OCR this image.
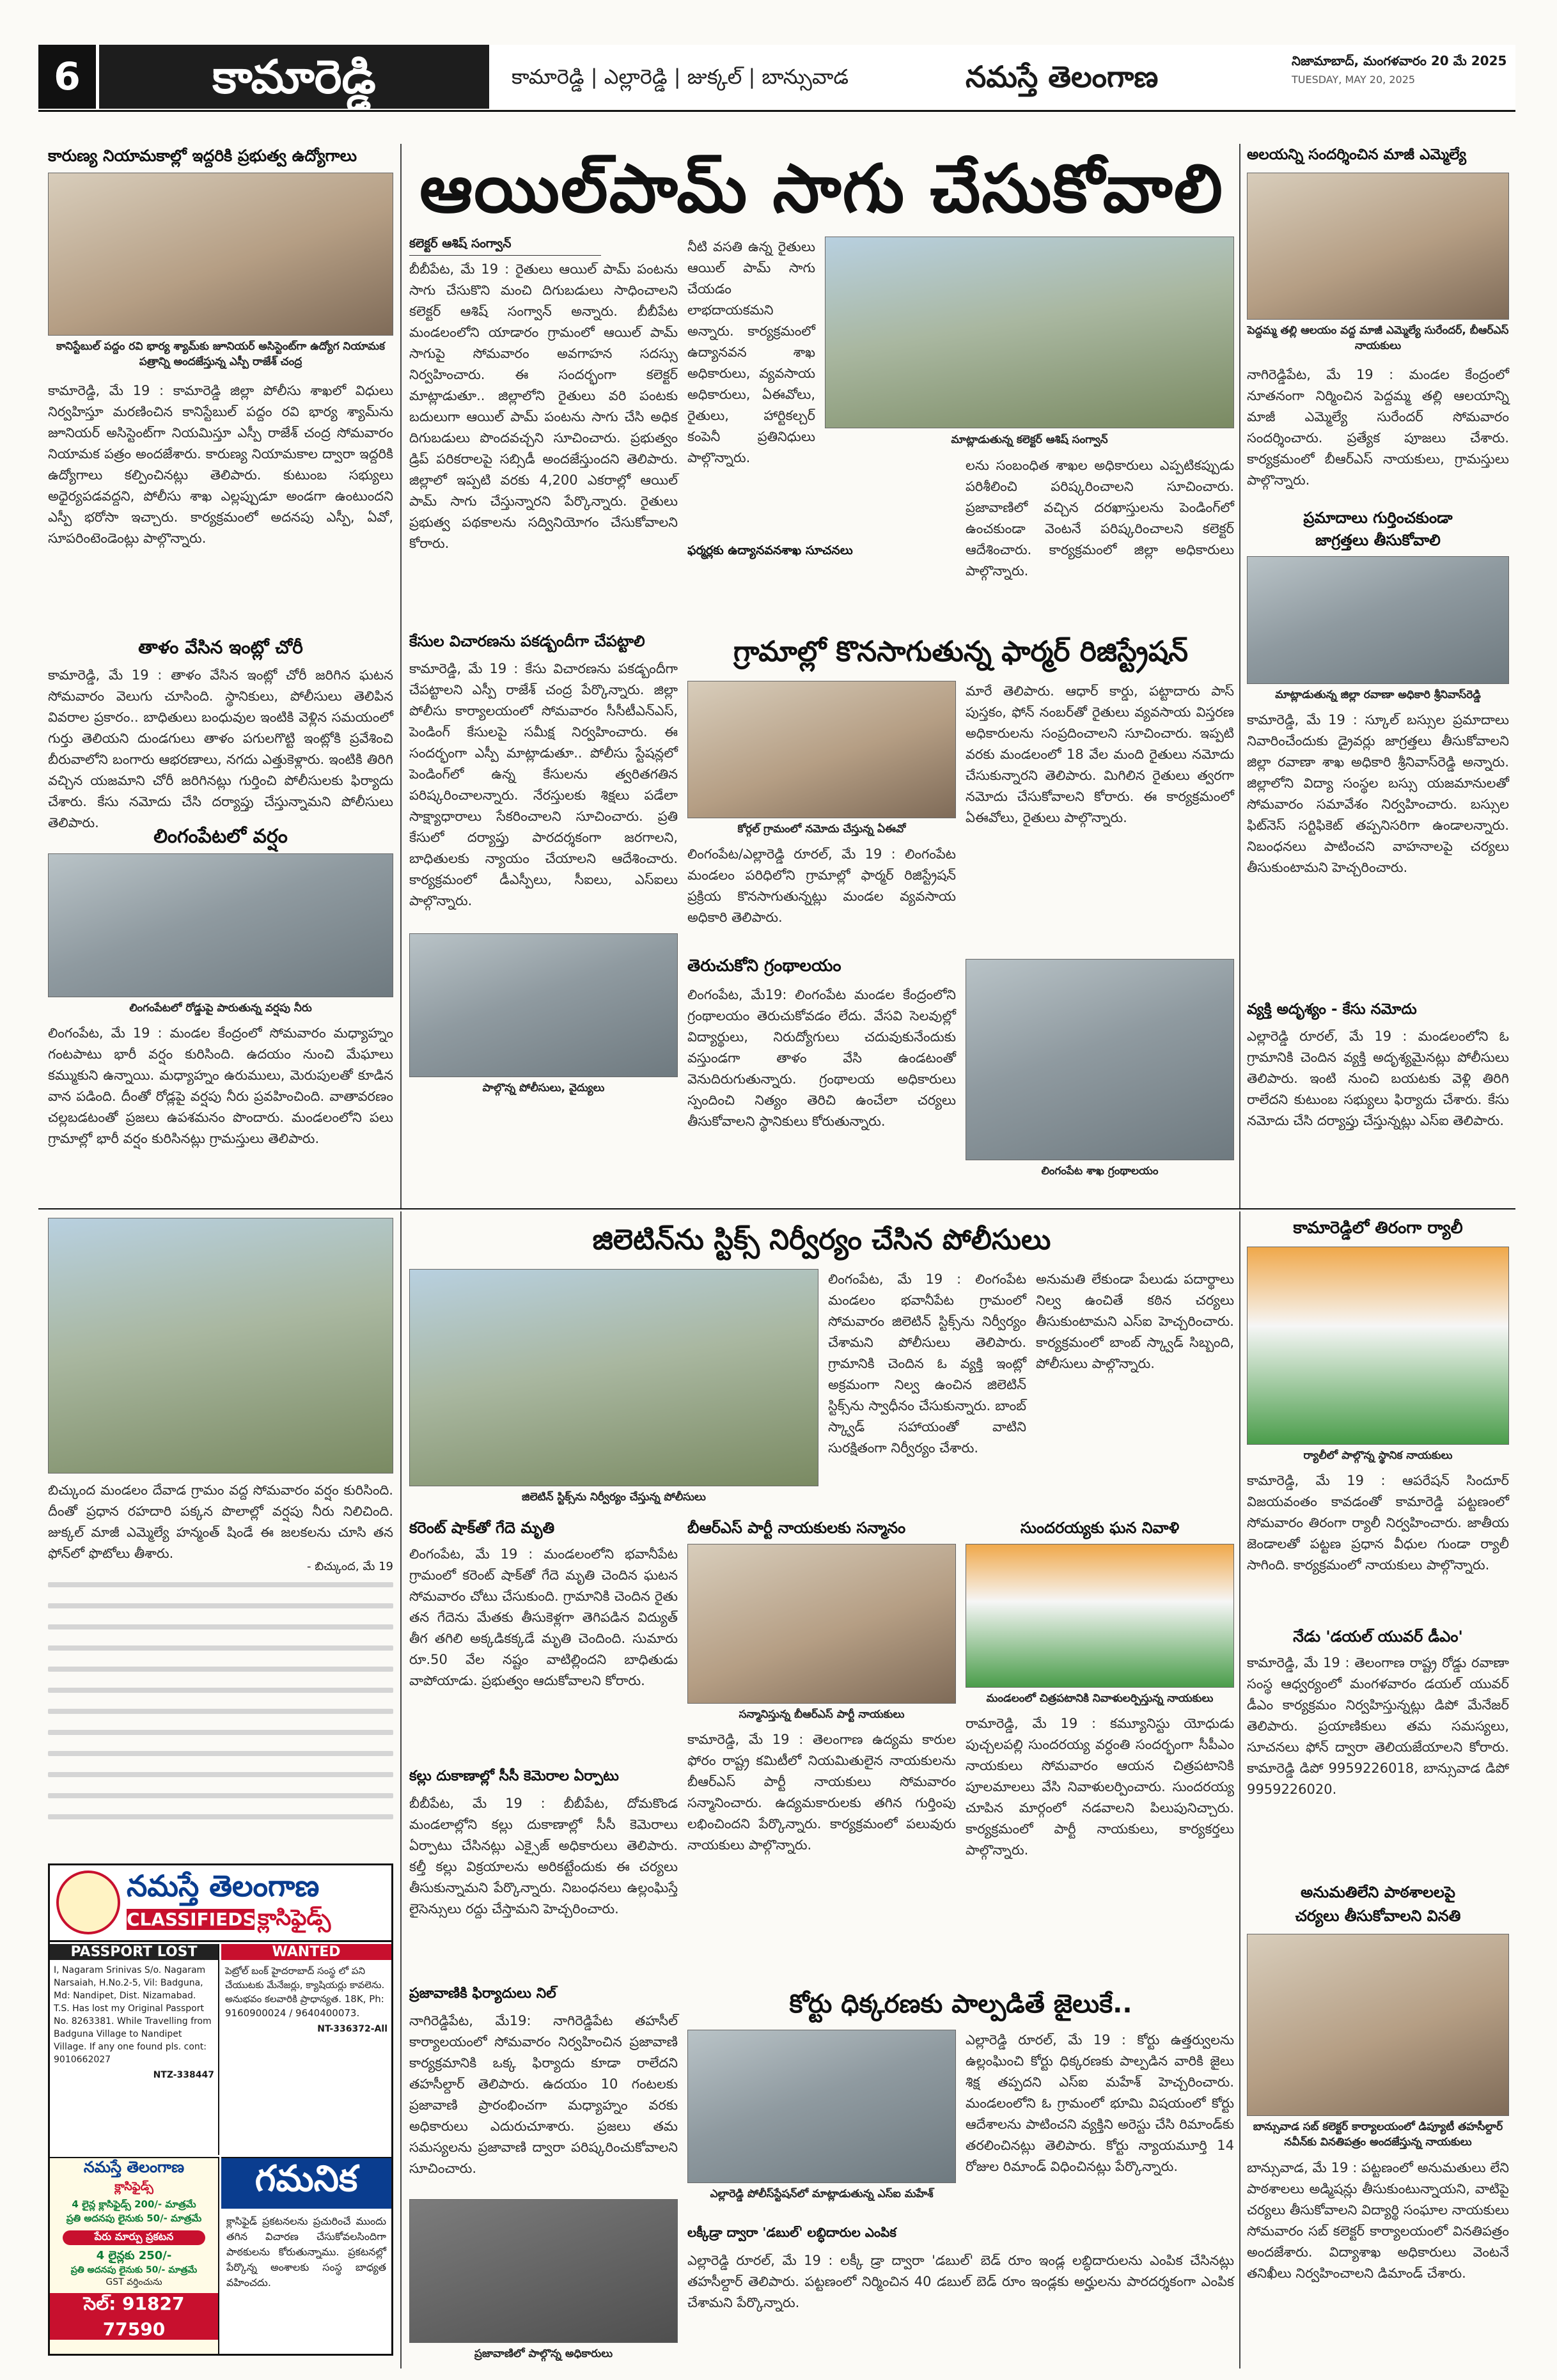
6	కామారెడ్డి	కామారెడ్డి | ఎల్లారెడ్డి | జుక్కల్ | బాన్సువాడ	నమస్తే తెలంగాణ	నిజామాబాద్, మంగళవారం 20 మే 2025
TUESDAY, MAY 20, 2025
కారుణ్య నియామకాల్లో ఇద్దరికి ప్రభుత్వ ఉద్యోగాలు
కానిస్టేబుల్ పద్దం రవి భార్య శ్యామ్‌కు జూనియర్ అసిస్టెంట్‌గా ఉద్యోగ నియామక పత్రాన్ని అందజేస్తున్న ఎస్పీ రాజేశ్ చంద్ర
కామారెడ్డి, మే 19 : కామారెడ్డి జిల్లా పోలీసు శాఖలో విధులు నిర్వహిస్తూ మరణించిన కానిస్టేబుల్ పద్దం రవి భార్య శ్యామ్‌ను జూనియర్ అసిస్టెంట్‌గా నియమిస్తూ ఎస్పీ రాజేశ్ చంద్ర సోమవారం నియామక పత్రం అందజేశారు. కారుణ్య నియామకాల ద్వారా ఇద్దరికి ఉద్యోగాలు కల్పించినట్లు తెలిపారు. కుటుంబ సభ్యులు అధైర్యపడవద్దని, పోలీసు శాఖ ఎల్లప్పుడూ అండగా ఉంటుందని ఎస్పీ భరోసా ఇచ్చారు. కార్యక్రమంలో అదనపు ఎస్పీ, ఏవో, సూపరింటెండెంట్లు పాల్గొన్నారు.
తాళం వేసిన ఇంట్లో చోరీ
కామారెడ్డి, మే 19 : తాళం వేసిన ఇంట్లో చోరీ జరిగిన ఘటన సోమవారం వెలుగు చూసింది. స్థానికులు, పోలీసులు తెలిపిన వివరాల ప్రకారం.. బాధితులు బంధువుల ఇంటికి వెళ్లిన సమయంలో గుర్తు తెలియని దుండగులు తాళం పగులగొట్టి ఇంట్లోకి ప్రవేశించి బీరువాలోని బంగారు ఆభరణాలు, నగదు ఎత్తుకెళ్లారు. ఇంటికి తిరిగి వచ్చిన యజమాని చోరీ జరిగినట్లు గుర్తించి పోలీసులకు ఫిర్యాదు చేశారు. కేసు నమోదు చేసి దర్యాప్తు చేస్తున్నామని పోలీసులు తెలిపారు.
లింగంపేటలో వర్షం
లింగంపేటలో రోడ్డుపై పారుతున్న వర్షపు నీరు
లింగంపేట, మే 19 : మండల కేంద్రంలో సోమవారం మధ్యాహ్నం గంటపాటు భారీ వర్షం కురిసింది. ఉదయం నుంచి మేఘాలు కమ్ముకుని ఉన్నాయి. మధ్యాహ్నం ఉరుములు, మెరుపులతో కూడిన వాన పడింది. దీంతో రోడ్లపై వర్షపు నీరు ప్రవహించింది. వాతావరణం చల్లబడటంతో ప్రజలు ఉపశమనం పొందారు. మండలంలోని పలు గ్రామాల్లో భారీ వర్షం కురిసినట్లు గ్రామస్తులు తెలిపారు.
ఆయిల్‌పామ్ సాగు చేసుకోవాలి
కలెక్టర్ ఆశిష్ సంగ్వాన్
బీబీపేట, మే 19 : రైతులు ఆయిల్ పామ్ పంటను సాగు చేసుకొని మంచి దిగుబడులు సాధించాలని కలెక్టర్ ఆశిష్ సంగ్వాన్ అన్నారు. బీబీపేట మండలంలోని యాడారం గ్రామంలో ఆయిల్ పామ్ సాగుపై సోమవారం అవగాహన సదస్సు నిర్వహించారు. ఈ సందర్భంగా కలెక్టర్ మాట్లాడుతూ.. జిల్లాలోని రైతులు వరి పంటకు బదులుగా ఆయిల్ పామ్ పంటను సాగు చేసి అధిక దిగుబడులు పొందవచ్చని సూచించారు. ప్రభుత్వం డ్రిప్ పరికరాలపై సబ్సిడీ అందజేస్తుందని తెలిపారు. జిల్లాలో ఇప్పటి వరకు 4,200 ఎకరాల్లో ఆయిల్ పామ్ సాగు చేస్తున్నారని పేర్కొన్నారు. రైతులు ప్రభుత్వ పథకాలను సద్వినియోగం చేసుకోవాలని కోరారు.
నీటి వసతి ఉన్న రైతులు ఆయిల్ పామ్ సాగు చేయడం లాభదాయకమని అన్నారు. కార్యక్రమంలో ఉద్యానవన శాఖ అధికారులు, వ్యవసాయ అధికారులు, ఏఈవోలు, రైతులు, హార్టికల్చర్ కంపెనీ ప్రతినిధులు పాల్గొన్నారు.
మాట్లాడుతున్న కలెక్టర్ ఆశిష్ సంగ్వాన్
ఫర్మర్లకు ఉద్యానవనశాఖ సూచనలు
లను సంబంధిత శాఖల అధికారులు ఎప్పటికప్పుడు పరిశీలించి పరిష్కరించాలని సూచించారు. ప్రజావాణిలో వచ్చిన దరఖాస్తులను పెండింగ్‌లో ఉంచకుండా వెంటనే పరిష్కరించాలని కలెక్టర్ ఆదేశించారు. కార్యక్రమంలో జిల్లా అధికారులు పాల్గొన్నారు.
కేసుల విచారణను పకడ్బందీగా చేపట్టాలి
కామారెడ్డి, మే 19 : కేసు విచారణను పకడ్బందీగా చేపట్టాలని ఎస్పీ రాజేశ్ చంద్ర పేర్కొన్నారు. జిల్లా పోలీసు కార్యాలయంలో సోమవారం సీసీటీఎన్ఎస్, పెండింగ్ కేసులపై సమీక్ష నిర్వహించారు. ఈ సందర్భంగా ఎస్పీ మాట్లాడుతూ.. పోలీసు స్టేషన్లలో పెండింగ్‌లో ఉన్న కేసులను త్వరితగతిన పరిష్కరించాలన్నారు. నేరస్తులకు శిక్షలు పడేలా సాక్ష్యాధారాలు సేకరించాలని సూచించారు. ప్రతి కేసులో దర్యాప్తు పారదర్శకంగా జరగాలని, బాధితులకు న్యాయం చేయాలని ఆదేశించారు. కార్యక్రమంలో డీఎస్పీలు, సీఐలు, ఎస్ఐలు పాల్గొన్నారు.
పాల్గొన్న పోలీసులు, వైద్యులు
గ్రామాల్లో కొనసాగుతున్న ఫార్మర్ రిజిస్ట్రేషన్
కోర్గల్ గ్రామంలో నమోదు చేస్తున్న ఏఈవో
లింగంపేట/ఎల్లారెడ్డి రూరల్, మే 19 : లింగంపేట మండలం పరిధిలోని గ్రామాల్లో ఫార్మర్ రిజిస్ట్రేషన్ ప్రక్రియ కొనసాగుతున్నట్లు మండల వ్యవసాయ అధికారి తెలిపారు.
మారే తెలిపారు. ఆధార్ కార్డు, పట్టాదారు పాస్ పుస్తకం, ఫోన్ నంబర్‌తో రైతులు వ్యవసాయ విస్తరణ అధికారులను సంప్రదించాలని సూచించారు. ఇప్పటి వరకు మండలంలో 18 వేల మంది రైతులు నమోదు చేసుకున్నారని తెలిపారు. మిగిలిన రైతులు త్వరగా నమోదు చేసుకోవాలని కోరారు. ఈ కార్యక్రమంలో ఏఈవోలు, రైతులు పాల్గొన్నారు.
తెరుచుకోని గ్రంథాలయం
లింగంపేట, మే19: లింగంపేట మండల కేంద్రంలోని గ్రంథాలయం తెరుచుకోవడం లేదు. వేసవి సెలవుల్లో విద్యార్థులు, నిరుద్యోగులు చదువుకునేందుకు వస్తుండగా తాళం వేసి ఉండటంతో వెనుదిరుగుతున్నారు. గ్రంథాలయ అధికారులు స్పందించి నిత్యం తెరిచి ఉంచేలా చర్యలు తీసుకోవాలని స్థానికులు కోరుతున్నారు.
లింగంపేట శాఖ గ్రంథాలయం
అలయన్ని సందర్శించిన మాజీ ఎమ్మెల్యే
పెద్దమ్మ తల్లి ఆలయం వద్ద మాజీ ఎమ్మెల్యే సురేందర్, బీఆర్ఎస్ నాయకులు
నాగిరెడ్డిపేట, మే 19 : మండల కేంద్రంలో నూతనంగా నిర్మించిన పెద్దమ్మ తల్లి ఆలయాన్ని మాజీ ఎమ్మెల్యే సురేందర్ సోమవారం సందర్శించారు. ప్రత్యేక పూజలు చేశారు. కార్యక్రమంలో బీఆర్ఎస్ నాయకులు, గ్రామస్తులు పాల్గొన్నారు.
ప్రమాదాలు గుర్తించకుండా
జాగ్రత్తలు తీసుకోవాలి
మాట్లాడుతున్న జిల్లా రవాణా అధికారి శ్రీనివాస్‌రెడ్డి
కామారెడ్డి, మే 19 : స్కూల్ బస్సుల ప్రమాదాలు నివారించేందుకు డ్రైవర్లు జాగ్రత్తలు తీసుకోవాలని జిల్లా రవాణా శాఖ అధికారి శ్రీనివాస్‌రెడ్డి అన్నారు. జిల్లాలోని విద్యా సంస్థల బస్సు యజమానులతో సోమవారం సమావేశం నిర్వహించారు. బస్సుల ఫిట్‌నెస్ సర్టిఫికెట్ తప్పనిసరిగా ఉండాలన్నారు. నిబంధనలు పాటించని వాహనాలపై చర్యలు తీసుకుంటామని హెచ్చరించారు.
వ్యక్తి అదృశ్యం - కేసు నమోదు
ఎల్లారెడ్డి రూరల్, మే 19 : మండలంలోని ఓ గ్రామానికి చెందిన వ్యక్తి అదృశ్యమైనట్లు పోలీసులు తెలిపారు. ఇంటి నుంచి బయటకు వెళ్లి తిరిగి రాలేదని కుటుంబ సభ్యులు ఫిర్యాదు చేశారు. కేసు నమోదు చేసి దర్యాప్తు చేస్తున్నట్లు ఎస్ఐ తెలిపారు.
బిచ్కుంద మండలం దేవాడ గ్రామం వద్ద సోమవారం వర్షం కురిసింది. దీంతో ప్రధాన రహదారి పక్కన పొలాల్లో వర్షపు నీరు నిలిచింది. జుక్కల్ మాజీ ఎమ్మెల్యే హన్మంత్ షిండే ఈ జలకలను చూసి తన ఫోన్‌లో ఫొటోలు తీశారు.
- బిచ్కుంద, మే 19
నమస్తే తెలంగాణ
CLASSIFIEDS క్లాసిఫైడ్స్
PASSPORT LOST
I, Nagaram Srinivas S/o. Nagaram Narsaiah, H.No.2-5, Vil: Badguna, Md: Nandipet, Dist. Nizamabad. T.S. Has lost my Original Passport No. 8263381. While Travelling from Badguna Village to Nandipet Village. If any one found pls. cont: 9010662027
NTZ-338447
WANTED
పెట్రోల్ బంక్ హైదరాబాద్ సంస్థ లో పని చేయుటకు మేనేజర్లు, క్యాషియర్లు కావలెను. అనుభవం కలవారికి ప్రాధాన్యత. 18K, Ph: 9160900024 / 9640400073.
NT-336372-All
నమస్తే తెలంగాణ
క్లాసిఫైడ్స్
4 లైన్ల క్లాసిఫైడ్స్ 200/- మాత్రమే
ప్రతి అదనపు లైనుకు 50/- మాత్రమే
పేరు మార్పు ప్రకటన
4 లైన్లకు 250/-
ప్రతి అదనపు లైనుకు 50/- మాత్రమే
GST వర్తించును
సెల్: 91827 77590
గమనిక
క్లాసిఫైడ్ ప్రకటనలను ప్రచురించే ముందు తగిన విచారణ చేసుకోవలసిందిగా పాఠకులను కోరుతున్నాము. ప్రకటనల్లో పేర్కొన్న అంశాలకు సంస్థ బాధ్యత వహించదు.
జిలెటిన్‌ను స్టిక్స్ నిర్వీర్యం చేసిన పోలీసులు
జిలెటిన్ స్టిక్స్‌ను నిర్వీర్యం చేస్తున్న పోలీసులు
లింగంపేట, మే 19 : లింగంపేట మండలం భవానీపేట గ్రామంలో సోమవారం జిలెటిన్ స్టిక్స్‌ను నిర్వీర్యం చేశామని పోలీసులు తెలిపారు. గ్రామానికి చెందిన ఓ వ్యక్తి ఇంట్లో అక్రమంగా నిల్వ ఉంచిన జిలెటిన్ స్టిక్స్‌ను స్వాధీనం చేసుకున్నారు. బాంబ్ స్క్వాడ్ సహాయంతో వాటిని సురక్షితంగా నిర్వీర్యం చేశారు.
అనుమతి లేకుండా పేలుడు పదార్థాలు నిల్వ ఉంచితే కఠిన చర్యలు తీసుకుంటామని ఎస్ఐ హెచ్చరించారు. కార్యక్రమంలో బాంబ్ స్క్వాడ్ సిబ్బంది, పోలీసులు పాల్గొన్నారు.
కరెంట్ షాక్‌తో గేదె మృతి
లింగంపేట, మే 19 : మండలంలోని భవానీపేట గ్రామంలో కరెంట్ షాక్‌తో గేదె మృతి చెందిన ఘటన సోమవారం చోటు చేసుకుంది. గ్రామానికి చెందిన రైతు తన గేదెను మేతకు తీసుకెళ్లగా తెగిపడిన విద్యుత్ తీగ తగిలి అక్కడికక్కడే మృతి చెందింది. సుమారు రూ.50 వేల నష్టం వాటిల్లిందని బాధితుడు వాపోయాడు. ప్రభుత్వం ఆదుకోవాలని కోరారు.
కల్లు దుకాణాల్లో సీసీ కెమెరాల ఏర్పాటు
బీబీపేట, మే 19 : బీబీపేట, దోమకొండ మండలాల్లోని కల్లు దుకాణాల్లో సీసీ కెమెరాలు ఏర్పాటు చేసినట్లు ఎక్సైజ్ అధికారులు తెలిపారు. కల్తీ కల్లు విక్రయాలను అరికట్టేందుకు ఈ చర్యలు తీసుకున్నామని పేర్కొన్నారు. నిబంధనలు ఉల్లంఘిస్తే లైసెన్సులు రద్దు చేస్తామని హెచ్చరించారు.
బీఆర్ఎస్ పార్టీ నాయకులకు సన్మానం
సన్మానిస్తున్న బీఆర్ఎస్ పార్టీ నాయకులు
కామారెడ్డి, మే 19 : తెలంగాణ ఉద్యమ కారుల ఫోరం రాష్ట్ర కమిటీలో నియమితులైన నాయకులను బీఆర్ఎస్ పార్టీ నాయకులు సోమవారం సన్మానించారు. ఉద్యమకారులకు తగిన గుర్తింపు లభించిందని పేర్కొన్నారు. కార్యక్రమంలో పలువురు నాయకులు పాల్గొన్నారు.
సుందరయ్యకు ఘన నివాళి
మండలంలో చిత్రపటానికి నివాళులర్పిస్తున్న నాయకులు
రామారెడ్డి, మే 19 : కమ్యూనిస్టు యోధుడు పుచ్చలపల్లి సుందరయ్య వర్ధంతి సందర్భంగా సీపీఎం నాయకులు సోమవారం ఆయన చిత్రపటానికి పూలమాలలు వేసి నివాళులర్పించారు. సుందరయ్య చూపిన మార్గంలో నడవాలని పిలుపునిచ్చారు. కార్యక్రమంలో పార్టీ నాయకులు, కార్యకర్తలు పాల్గొన్నారు.
ప్రజావాణికి ఫిర్యాదులు నిల్
నాగిరెడ్డిపేట, మే19: నాగిరెడ్డిపేట తహసీల్ కార్యాలయంలో సోమవారం నిర్వహించిన ప్రజావాణి కార్యక్రమానికి ఒక్క ఫిర్యాదు కూడా రాలేదని తహసీల్దార్ తెలిపారు. ఉదయం 10 గంటలకు ప్రజావాణి ప్రారంభించగా మధ్యాహ్నం వరకు అధికారులు ఎదురుచూశారు. ప్రజలు తమ సమస్యలను ప్రజావాణి ద్వారా పరిష్కరించుకోవాలని సూచించారు.
ప్రజావాణిలో పాల్గొన్న అధికారులు
కోర్టు ధిక్కరణకు పాల్పడితే జైలుకే..
ఎల్లారెడ్డి పోలీస్‌స్టేషన్‌లో మాట్లాడుతున్న ఎస్ఐ మహేశ్
ఎల్లారెడ్డి రూరల్, మే 19 : కోర్టు ఉత్తర్వులను ఉల్లంఘించి కోర్టు ధిక్కరణకు పాల్పడిన వారికి జైలు శిక్ష తప్పదని ఎస్ఐ మహేశ్ హెచ్చరించారు. మండలంలోని ఓ గ్రామంలో భూమి విషయంలో కోర్టు ఆదేశాలను పాటించని వ్యక్తిని అరెస్టు చేసి రిమాండ్‌కు తరలించినట్లు తెలిపారు. కోర్టు న్యాయమూర్తి 14 రోజుల రిమాండ్ విధించినట్లు పేర్కొన్నారు.
లక్కీడ్రా ద్వారా 'డబుల్' లబ్ధిదారుల ఎంపిక
ఎల్లారెడ్డి రూరల్, మే 19 : లక్కీ డ్రా ద్వారా 'డబుల్' బెడ్ రూం ఇండ్ల లబ్ధిదారులను ఎంపిక చేసినట్లు తహసీల్దార్ తెలిపారు. పట్టణంలో నిర్మించిన 40 డబుల్ బెడ్ రూం ఇండ్లకు అర్హులను పారదర్శకంగా ఎంపిక చేశామని పేర్కొన్నారు.
కామారెడ్డిలో తిరంగా ర్యాలీ
ర్యాలీలో పాల్గొన్న స్థానిక నాయకులు
కామారెడ్డి, మే 19 : ఆపరేషన్ సిందూర్ విజయవంతం కావడంతో కామారెడ్డి పట్టణంలో సోమవారం తిరంగా ర్యాలీ నిర్వహించారు. జాతీయ జెండాలతో పట్టణ ప్రధాన వీధుల గుండా ర్యాలీ సాగింది. కార్యక్రమంలో నాయకులు పాల్గొన్నారు.
నేడు 'డయల్ యువర్ డీఎం'
కామారెడ్డి, మే 19 : తెలంగాణ రాష్ట్ర రోడ్డు రవాణా సంస్థ ఆధ్వర్యంలో మంగళవారం డయల్ యువర్ డీఎం కార్యక్రమం నిర్వహిస్తున్నట్లు డిపో మేనేజర్ తెలిపారు. ప్రయాణికులు తమ సమస్యలు, సూచనలు ఫోన్ ద్వారా తెలియజేయాలని కోరారు. కామారెడ్డి డిపో 9959226018, బాన్సువాడ డిపో 9959226020.
అనుమతిలేని పాఠశాలలపై
చర్యలు తీసుకోవాలని వినతి
బాన్సువాడ సబ్ కలెక్టర్ కార్యాలయంలో డిప్యూటీ తహసీల్దార్ నవీన్‌కు వినతిపత్రం అందజేస్తున్న నాయకులు
బాన్సువాడ, మే 19 : పట్టణంలో అనుమతులు లేని పాఠశాలలు అడ్మిషన్లు తీసుకుంటున్నాయని, వాటిపై చర్యలు తీసుకోవాలని విద్యార్థి సంఘాల నాయకులు సోమవారం సబ్ కలెక్టర్ కార్యాలయంలో వినతిపత్రం అందజేశారు. విద్యాశాఖ అధికారులు వెంటనే తనిఖీలు నిర్వహించాలని డిమాండ్ చేశారు.
